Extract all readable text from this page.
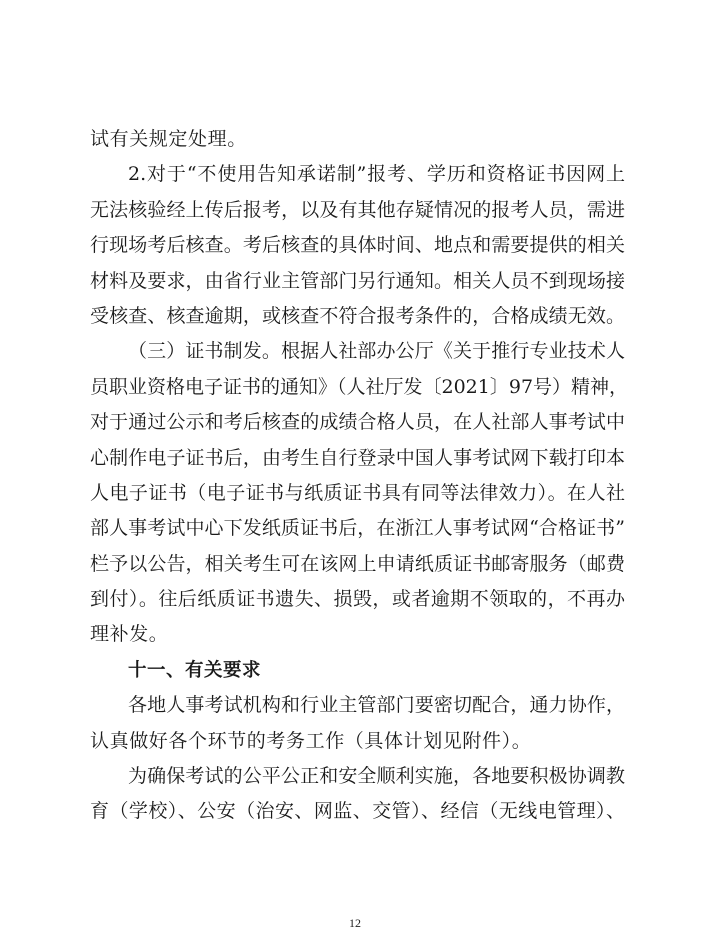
试有关规定处理。
2.对于“不使用告知承诺制”报考、学历和资格证书因网上
无法核验经上传后报考，以及有其他存疑情况的报考人员，需进
行现场考后核查。考后核查的具体时间、地点和需要提供的相关
材料及要求，由省行业主管部门另行通知。相关人员不到现场接
受核查、核查逾期，或核查不符合报考条件的，合格成绩无效。
（三）证书制发。根据人社部办公厅《关于推行专业技术人
员职业资格电子证书的通知》（人社厅发〔2021〕97号）精神，
对于通过公示和考后核查的成绩合格人员，在人社部人事考试中
心制作电子证书后，由考生自行登录中国人事考试网下载打印本
人电子证书（电子证书与纸质证书具有同等法律效力）。在人社
部人事考试中心下发纸质证书后，在浙江人事考试网“合格证书”
栏予以公告，相关考生可在该网上申请纸质证书邮寄服务（邮费
到付）。往后纸质证书遗失、损毁，或者逾期不领取的，不再办
理补发。
十一、有关要求
各地人事考试机构和行业主管部门要密切配合，通力协作，
认真做好各个环节的考务工作（具体计划见附件）。
为确保考试的公平公正和安全顺利实施，各地要积极协调教
育（学校）、公安（治安、网监、交管）、经信（无线电管理）、
12
